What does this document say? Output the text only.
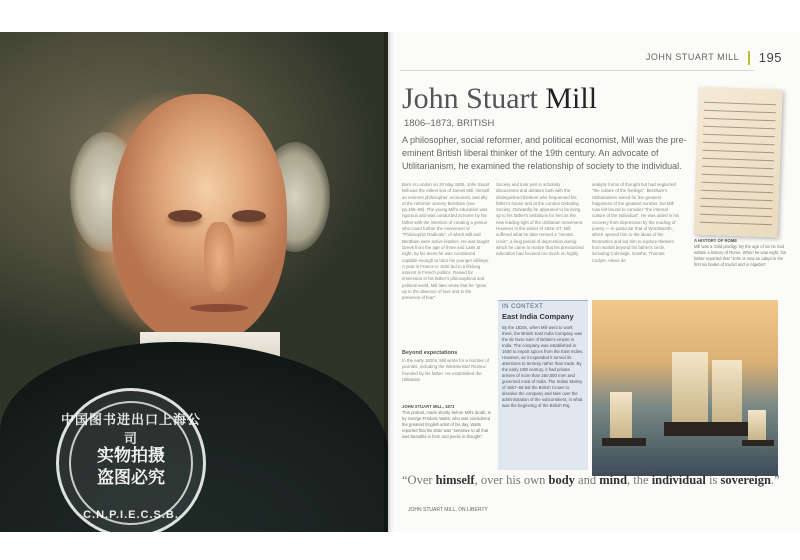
中国图书进出口上海公司
实物拍摄
盗图必究
C.N.P.I.E.C.S.B.
JOHN STUART MILL 195
John Stuart Mill
1806–1873, BRITISH
A philosopher, social reformer, and political economist, Mill was the pre-eminent British liberal thinker of the 19th century. An advocate of Utilitarianism, he examined the relationship of society to the individual.
Born in London on 20 May 1806, John Stuart Mill was the eldest son of James Mill, himself an eminent philosopher, economist, and ally of the reformer Jeremy Bentham (see pp.166–69). The young Mill's education was rigorous and was conducted at home by his father with the intention of creating a genius who could further the movement of "Philosophic Radicals", of which Mill and Bentham were active leaders. He was taught Greek from the age of three and Latin at eight; by his teens he was considered capable enough to tutor his younger siblings. A year in France in 1820 led to a lifelong interest in French politics. Raised for immersion in his father's philosophical and political world, Mill later wrote that he "grew up in the absence of love and in the presence of fear".
Beyond expectations
In the early 1820s, Mill wrote for a number of journals, including the Westminster Review founded by his father. He established the Utilitarian
JOHN STUART MILL, 1873
This portrait, made shortly before Mill's death, is by George Frederic Watts, who was considered the greatest English artist of his day. Watts reported that his sitter was "sensitive to all that was beautiful in form and poetic in thought".
Society and took part in scholarly discussions and debates both with the distinguished thinkers who frequented his father's house and at the London Debating Society. Outwardly he appeared to be living up to his father's ambitions for him as the new leading light of the Utilitarian movement. However in the winter of 1826–27, Mill suffered what he later termed a "mental crisis", a long period of depression during which he came to realize that his pressurized education had focused too much on highly
analytic forms of thought but had neglected "the culture of the feelings". Bentham's Utilitarianism aimed for the greatest happiness of the greatest number, but Mill now felt bound to consider "the internal culture of the individual". He was aided in his recovery from depression by the reading of poetry — in particular that of Wordsworth, which opened him to the ideas of the Romantics and led him to explore thinkers from worlds beyond his father's circle, including Coleridge, Goethe, Thomas Carlyle, Alexis de
A HISTORY OF ROME
Mill was a child prodigy. By the age of six he had written a history of Rome. When he was eight, his father reported that "John is now an adept in the first six books of Euclid and in Algebra".
IN CONTEXT
East India Company
By the 1820s, when Mill went to work there, the British East India Company was the de facto ruler of Britain's empire in India. The company was established in 1600 to import spices from the East Indies. However, as it expanded it turned its attentions to territory rather than trade. By the early 19th century, it had private armies of more than 250,000 men and governed most of India. The Indian Mutiny of 1857–58 led the British Crown to dissolve the company and take over the administration of the subcontinent, in what was the beginning of the British Raj.
EAST INDIAMEN IN THE CHINA SEAS, WILLIAM JOHN HUGGINS, c.1830
“Over himself, over his own body and mind, the individual is sovereign.”
JOHN STUART MILL, ON LIBERTY
